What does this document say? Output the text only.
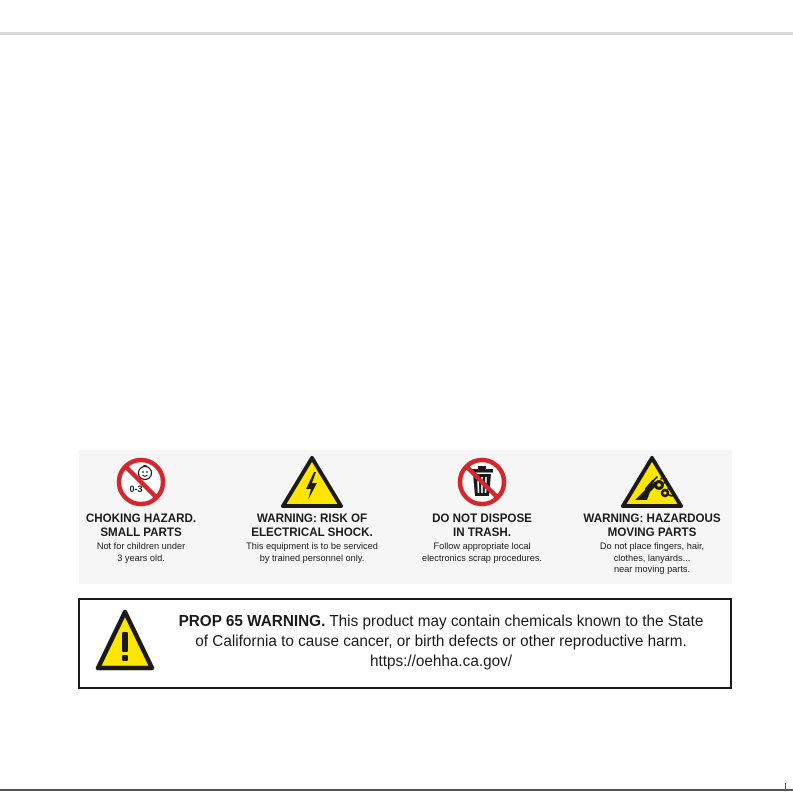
0-3
CHOKING HAZARD.
SMALL PARTS
Not for children under
3 years old.
WARNING: RISK OF
ELECTRICAL SHOCK.
This equipment is to be serviced
by trained personnel only.
DO NOT DISPOSE
IN TRASH.
Follow appropriate local
electronics scrap procedures.
WARNING: HAZARDOUS
MOVING PARTS
Do not place fingers, hair,
clothes, lanyards...
near moving parts.
PROP 65 WARNING. This product may contain chemicals known to the State
of California to cause cancer, or birth defects or other reproductive harm.
https://oehha.ca.gov/
